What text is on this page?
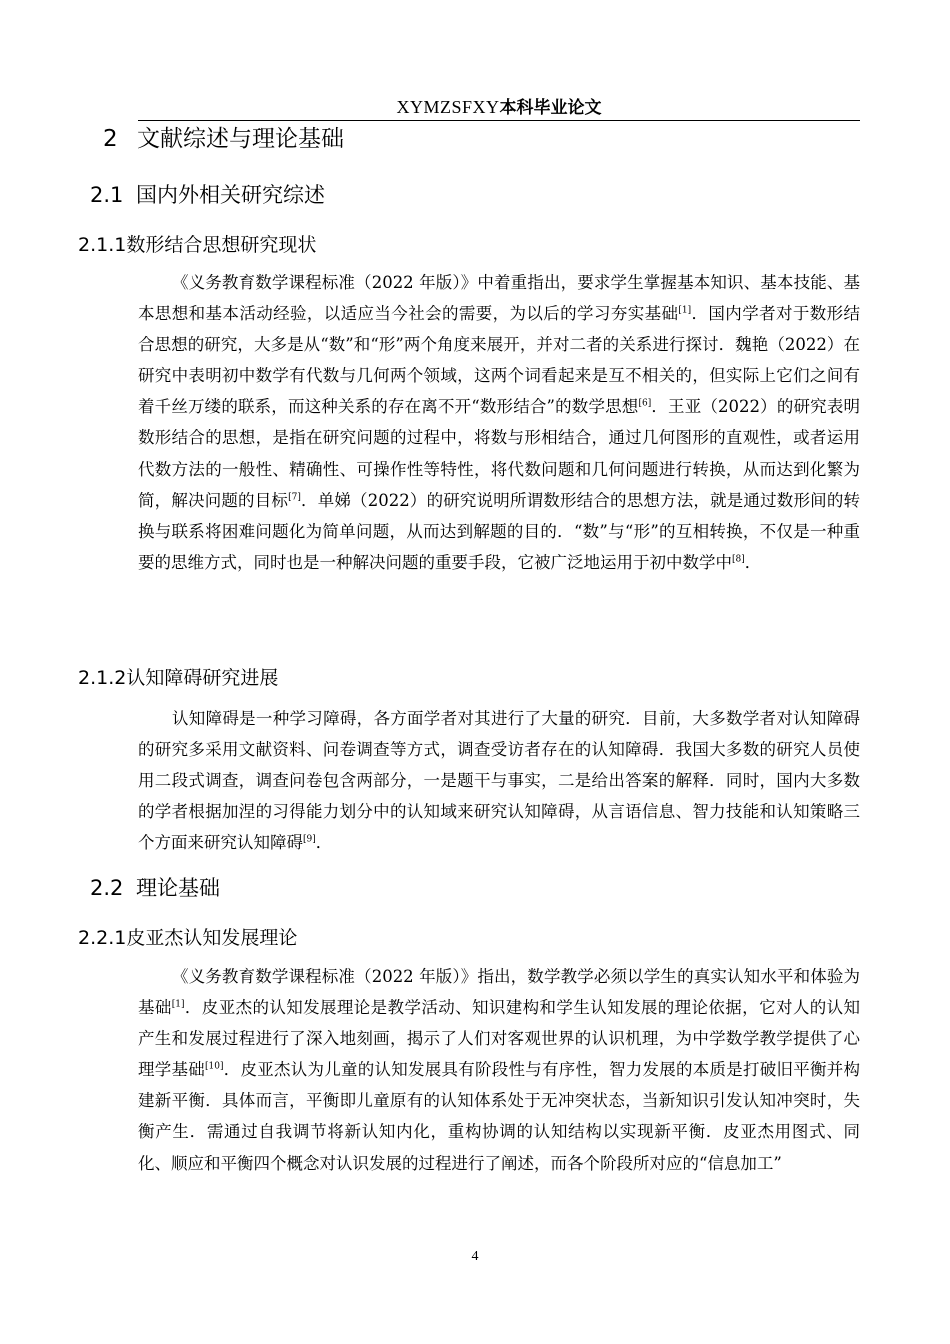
XYMZSFXY本科毕业论文
2 文献综述与理论基础
2.1 国内外相关研究综述
2.1.1数形结合思想研究现状
《义务教育数学课程标准（2022 年版）》中着重指出，要求学生掌握基本知识、基本技能、基本思想和基本活动经验，以适应当今社会的需要，为以后的学习夯实基础[1]．国内学者对于数形结合思想的研究，大多是从“数”和“形”两个角度来展开，并对二者的关系进行探讨．魏艳（2022）在研究中表明初中数学有代数与几何两个领域，这两个词看起来是互不相关的，但实际上它们之间有着千丝万缕的联系，而这种关系的存在离不开“数形结合”的数学思想[6]．王亚（2022）的研究表明数形结合的思想，是指在研究问题的过程中，将数与形相结合，通过几何图形的直观性，或者运用代数方法的一般性、精确性、可操作性等特性，将代数问题和几何问题进行转换，从而达到化繁为简，解决问题的目标[7]．单娣（2022）的研究说明所谓数形结合的思想方法，就是通过数形间的转换与联系将困难问题化为简单问题，从而达到解题的目的．“数”与“形”的互相转换，不仅是一种重要的思维方式，同时也是一种解决问题的重要手段，它被广泛地运用于初中数学中[8]．
2.1.2认知障碍研究进展
认知障碍是一种学习障碍，各方面学者对其进行了大量的研究．目前，大多数学者对认知障碍的研究多采用文献资料、问卷调查等方式，调查受访者存在的认知障碍．我国大多数的研究人员使用二段式调查，调查问卷包含两部分，一是题干与事实，二是给出答案的解释．同时，国内大多数的学者根据加涅的习得能力划分中的认知域来研究认知障碍，从言语信息、智力技能和认知策略三个方面来研究认知障碍[9]．
2.2 理论基础
2.2.1皮亚杰认知发展理论
《义务教育数学课程标准（2022 年版）》指出，数学教学必须以学生的真实认知水平和体验为基础[1]．皮亚杰的认知发展理论是教学活动、知识建构和学生认知发展的理论依据，它对人的认知产生和发展过程进行了深入地刻画，揭示了人们对客观世界的认识机理，为中学数学教学提供了心理学基础[10]．皮亚杰认为儿童的认知发展具有阶段性与有序性，智力发展的本质是打破旧平衡并构建新平衡．具体而言，平衡即儿童原有的认知体系处于无冲突状态，当新知识引发认知冲突时，失衡产生．需通过自我调节将新认知内化，重构协调的认知结构以实现新平衡．皮亚杰用图式、同化、顺应和平衡四个概念对认识发展的过程进行了阐述，而各个阶段所对应的“信息加工”
4
